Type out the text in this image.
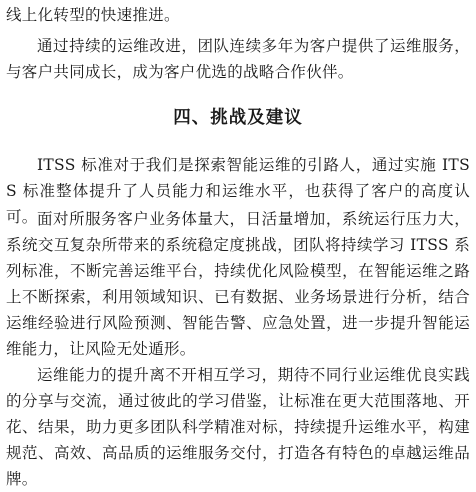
线上化转型的快速推进。

通过持续的运维改进，团队连续多年为客户提供了运维服务，与客户共同成长，成为客户优选的战略合作伙伴。

四、挑战及建议

ITSS 标准对于我们是探索智能运维的引路人，通过实施 ITSS 标准整体提升了人员能力和运维水平，也获得了客户的高度认可。 面对所服务客户业务体量大，日活量增加，系统运行压力大，系统交互复杂所带来的系统稳定度挑战，团队将持续学习 ITSS 系列标准，不断完善运维平台，持续优化风险模型，在智能运维之路上不断探索，利用领域知识、已有数据、业务场景进行分析，结合运维经验进行风险预测、智能告警、应急处置，进一步提升智能运维能力，让风险无处遁形。

运维能力的提升离不开相互学习，期待不同行业运维优良实践的分享与交流，通过彼此的学习借鉴，让标准在更大范围落地、开花、结果，助力更多团队科学精准对标，持续提升运维水平，构建规范、高效、高品质的运维服务交付，打造各有特色的卓越运维品牌。
